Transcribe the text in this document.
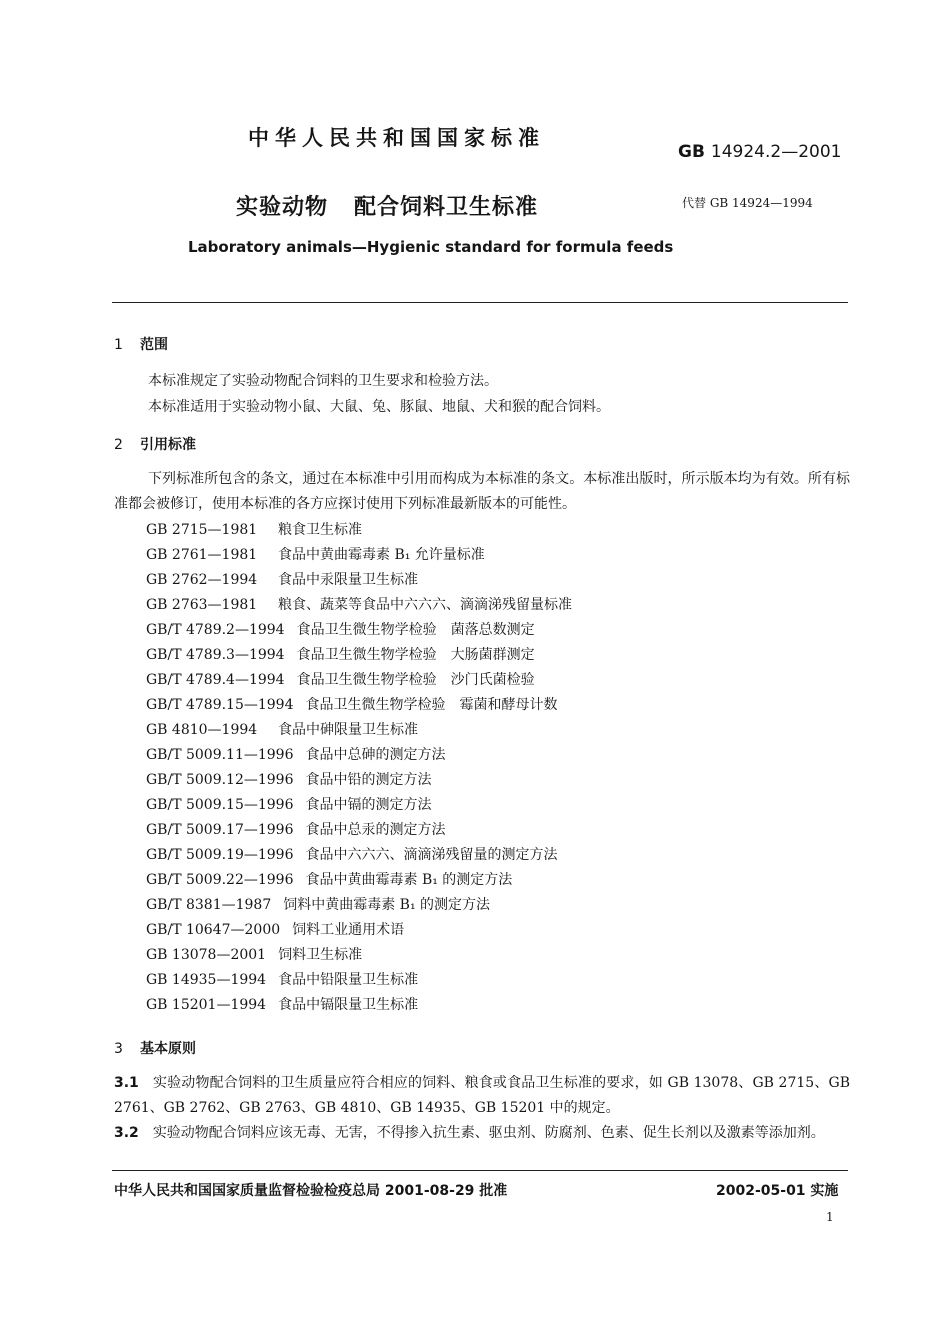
中华人民共和国国家标准
GB 14924.2—2001
实验动物 配合饲料卫生标准	代替 GB 14924—1994
Laboratory animals—Hygienic standard for formula feeds
1 范围
本标准规定了实验动物配合饲料的卫生要求和检验方法。
本标准适用于实验动物小鼠、大鼠、兔、豚鼠、地鼠、犬和猴的配合饲料。
2 引用标准
下列标准所包含的条文，通过在本标准中引用而构成为本标准的条文。本标准出版时，所示版本均为有效。所有标准都会被修订，使用本标准的各方应探讨使用下列标准最新版本的可能性。
GB 2715—1981 粮食卫生标准
GB 2761—1981 食品中黄曲霉毒素 B₁ 允许量标准
GB 2762—1994 食品中汞限量卫生标准
GB 2763—1981 粮食、蔬菜等食品中六六六、滴滴涕残留量标准
GB/T 4789.2—1994 食品卫生微生物学检验　菌落总数测定
GB/T 4789.3—1994 食品卫生微生物学检验　大肠菌群测定
GB/T 4789.4—1994 食品卫生微生物学检验　沙门氏菌检验
GB/T 4789.15—1994 食品卫生微生物学检验　霉菌和酵母计数
GB 4810—1994 食品中砷限量卫生标准
GB/T 5009.11—1996 食品中总砷的测定方法
GB/T 5009.12—1996 食品中铅的测定方法
GB/T 5009.15—1996 食品中镉的测定方法
GB/T 5009.17—1996 食品中总汞的测定方法
GB/T 5009.19—1996 食品中六六六、滴滴涕残留量的测定方法
GB/T 5009.22—1996 食品中黄曲霉毒素 B₁ 的测定方法
GB/T 8381—1987 饲料中黄曲霉毒素 B₁ 的测定方法
GB/T 10647—2000 饲料工业通用术语
GB 13078—2001 饲料卫生标准
GB 14935—1994 食品中铅限量卫生标准
GB 15201—1994 食品中镉限量卫生标准
3 基本原则
3.1 实验动物配合饲料的卫生质量应符合相应的饲料、粮食或食品卫生标准的要求，如 GB 13078、GB 2715、GB 2761、GB 2762、GB 2763、GB 4810、GB 14935、GB 15201 中的规定。
3.2 实验动物配合饲料应该无毒、无害，不得掺入抗生素、驱虫剂、防腐剂、色素、促生长剂以及激素等添加剂。
中华人民共和国国家质量监督检验检疫总局 2001-08-29 批准	2002-05-01 实施
1
